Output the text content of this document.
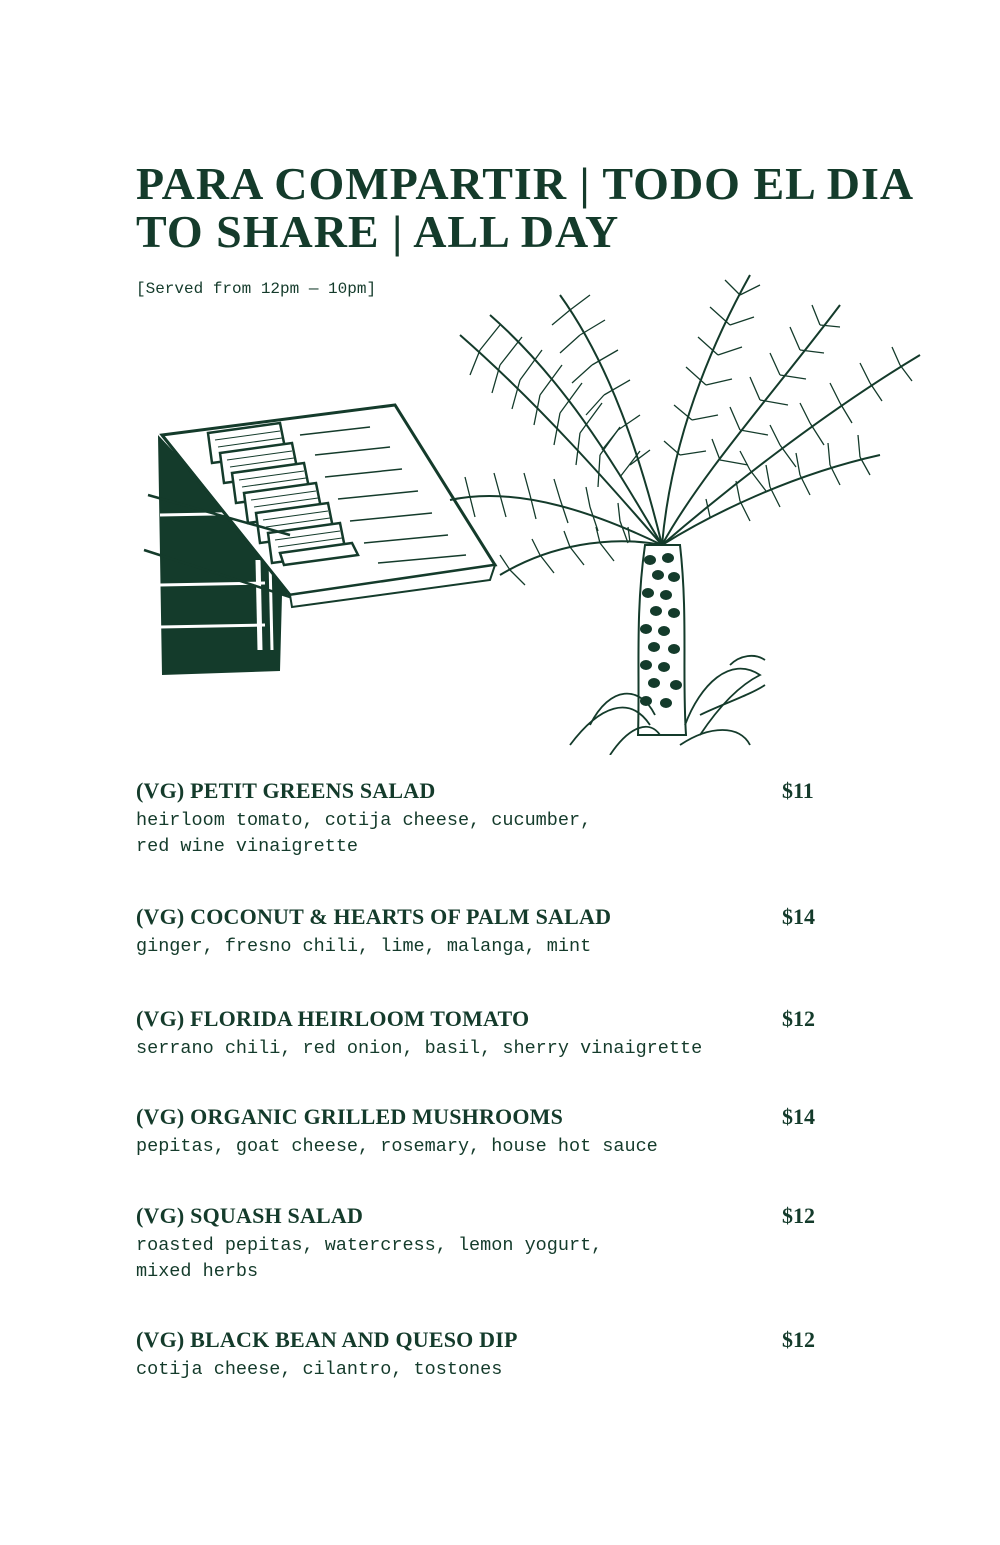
PARA COMPARTIR | TODO EL DIA
TO SHARE | ALL DAY
[Served from 12pm — 10pm]
(VG) PETIT GREENS SALAD	$11
heirloom tomato, cotija cheese, cucumber,
red wine vinaigrette
(VG) COCONUT & HEARTS OF PALM SALAD	$14
ginger, fresno chili, lime, malanga, mint
(VG) FLORIDA HEIRLOOM TOMATO	$12
serrano chili, red onion, basil, sherry vinaigrette
(VG) ORGANIC GRILLED MUSHROOMS	$14
pepitas, goat cheese, rosemary, house hot sauce
(VG) SQUASH SALAD	$12
roasted pepitas, watercress, lemon yogurt,
mixed herbs
(VG) BLACK BEAN AND QUESO DIP	$12
cotija cheese, cilantro, tostones
